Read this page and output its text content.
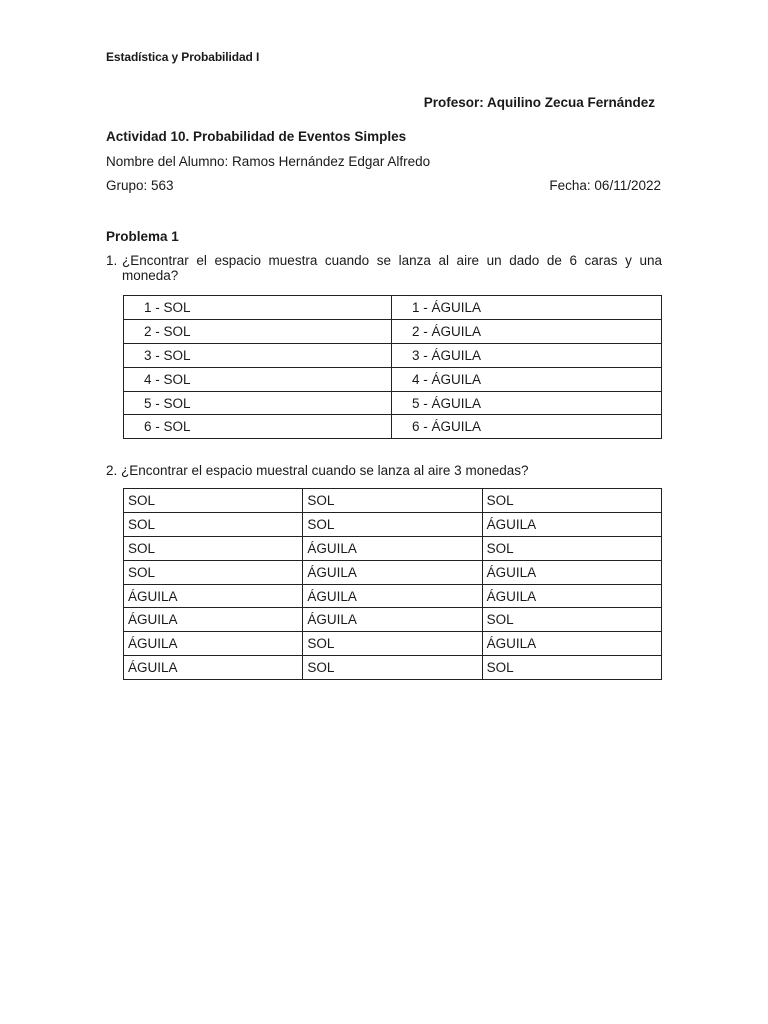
Estadística y Probabilidad I
Profesor: Aquilino Zecua Fernández
Actividad 10. Probabilidad de Eventos Simples
Nombre del Alumno: Ramos Hernández Edgar Alfredo
Grupo: 563	Fecha: 06/11/2022
Problema 1
1. ¿Encontrar el espacio muestra cuando se lanza al aire un dado de 6 caras y una
moneda?
1 - SOL	1 - ÁGUILA
2 - SOL	2 - ÁGUILA
3 - SOL	3 - ÁGUILA
4 - SOL	4 - ÁGUILA
5 - SOL	5 - ÁGUILA
6 - SOL	6 - ÁGUILA
2. ¿Encontrar el espacio muestral cuando se lanza al aire 3 monedas?
SOL	SOL	SOL
SOL	SOL	ÁGUILA
SOL	ÁGUILA	SOL
SOL	ÁGUILA	ÁGUILA
ÁGUILA	ÁGUILA	ÁGUILA
ÁGUILA	ÁGUILA	SOL
ÁGUILA	SOL	ÁGUILA
ÁGUILA	SOL	SOL
